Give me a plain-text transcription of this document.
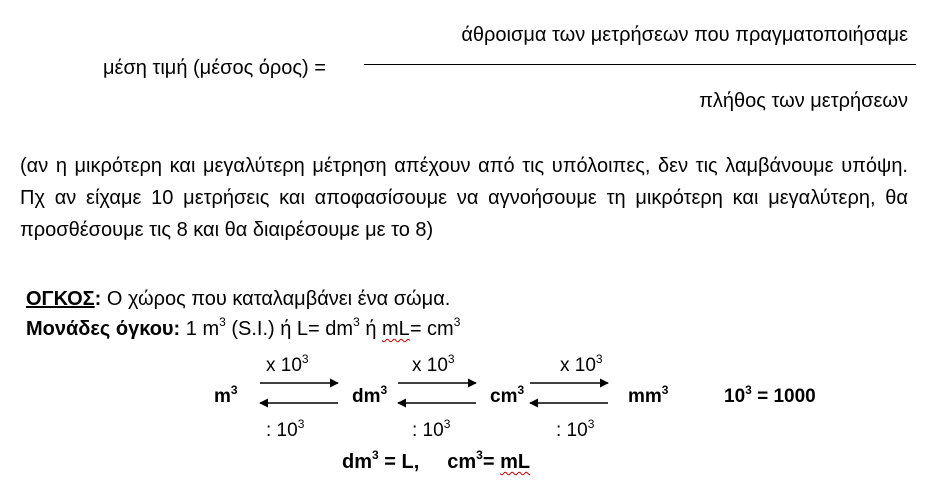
άθροισμα των μετρήσεων που πραγματοποιήσαμε
μέση τιμή (μέσος όρος) =
πλήθος των μετρήσεων
(αν η μικρότερη και μεγαλύτερη μέτρηση απέχουν από τις υπόλοιπες, δεν τις λαμβάνουμε υπόψη. Πχ αν είχαμε 10 μετρήσεις και αποφασίσουμε να αγνοήσουμε τη μικρότερη και μεγαλύτερη, θα προσθέσουμε τις 8 και θα διαιρέσουμε με το 8)
ΟΓΚΟΣ: Ο χώρος που καταλαμβάνει ένα σώμα.
Μονάδες όγκου: 1 $m^3$ (S.I.) ή $L= dm^3$ ή $mL= cm^3$
$m^3$	$dm^3$	$cm^3$	$mm^3$	$10^3 = 1000$
x $10^3$	x $10^3$	x $10^3$
: $10^3$	: $10^3$	: $10^3$
$dm^3 = L$, $cm^3=$ mL
